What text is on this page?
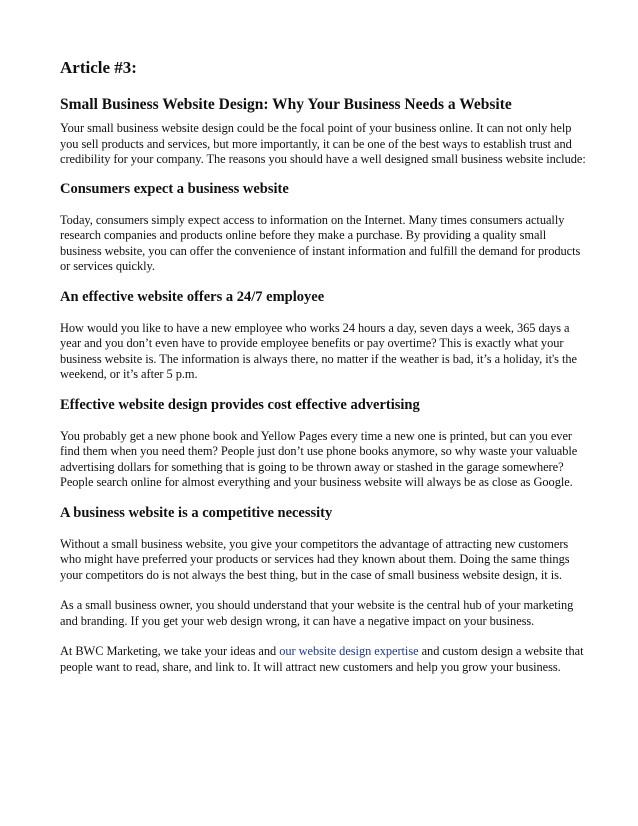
Article #3:
Small Business Website Design: Why Your Business Needs a Website

Your small business website design could be the focal point of your business online. It can not only help you sell products and services, but more importantly, it can be one of the best ways to establish trust and credibility for your company. The reasons you should have a well designed small business website include:

Consumers expect a business website

Today, consumers simply expect access to information on the Internet. Many times consumers actually research companies and products online before they make a purchase. By providing a quality small business website, you can offer the convenience of instant information and fulfill the demand for products or services quickly.

An effective website offers a 24/7 employee

How would you like to have a new employee who works 24 hours a day, seven days a week, 365 days a year and you don’t even have to provide employee benefits or pay overtime? This is exactly what your business website is. The information is always there, no matter if the weather is bad, it’s a holiday, it's the weekend, or it’s after 5 p.m.

Effective website design provides cost effective advertising

You probably get a new phone book and Yellow Pages every time a new one is printed, but can you ever find them when you need them? People just don’t use phone books anymore, so why waste your valuable advertising dollars for something that is going to be thrown away or stashed in the garage somewhere? People search online for almost everything and your business website will always be as close as Google.

A business website is a competitive necessity

Without a small business website, you give your competitors the advantage of attracting new customers who might have preferred your products or services had they known about them. Doing the same things your competitors do is not always the best thing, but in the case of small business website design, it is.

As a small business owner, you should understand that your website is the central hub of your marketing and branding. If you get your web design wrong, it can have a negative impact on your business.

At BWC Marketing, we take your ideas and our website design expertise and custom design a website that people want to read, share, and link to. It will attract new customers and help you grow your business.
